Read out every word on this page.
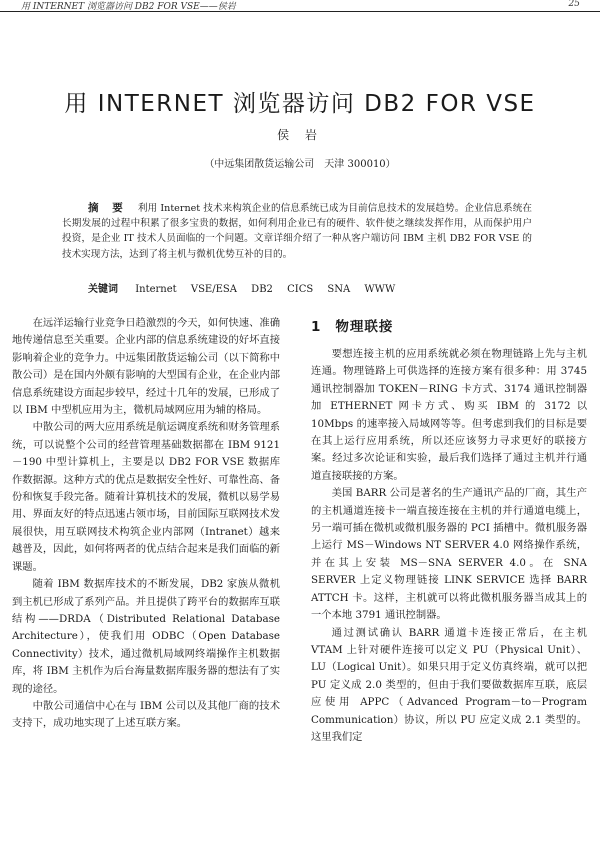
用 INTERNET 浏览器访问 DB2 FOR VSE——侯岩	25
用 INTERNET 浏览器访问 DB2 FOR VSE
侯 岩
（中远集团散货运输公司　天津 300010）
摘 要 利用 Internet 技术来构筑企业的信息系统已成为目前信息技术的发展趋势。企业信息系统在长期发展的过程中积累了很多宝贵的数据，如何利用企业已有的硬件、软件使之继续发挥作用，从而保护用户投资，是企业 IT 技术人员面临的一个问题。文章详细介绍了一种从客户端访问 IBM 主机 DB2 FOR VSE 的技术实现方法，达到了将主机与微机优势互补的目的。
关键词 Internet VSE/ESA DB2 CICS SNA WWW

在远洋运输行业竞争日趋激烈的今天，如何快速、准确地传递信息至关重要。企业内部的信息系统建设的好坏直接影响着企业的竞争力。中远集团散货运输公司（以下简称中散公司）是在国内外颇有影响的大型国有企业，在企业内部信息系统建设方面起步较早，经过十几年的发展，已形成了以 IBM 中型机应用为主，微机局域网应用为辅的格局。

中散公司的两大应用系统是航运调度系统和财务管理系统，可以说整个公司的经营管理基础数据都在 IBM 9121－190 中型计算机上，主要是以 DB2 FOR VSE 数据库作数据源。这种方式的优点是数据安全性好、可靠性高、备份和恢复手段完备。随着计算机技术的发展，微机以易学易用、界面友好的特点迅速占领市场，目前国际互联网技术发展很快，用互联网技术构筑企业内部网（Intranet）越来越普及，因此，如何将两者的优点结合起来是我们面临的新课题。

随着 IBM 数据库技术的不断发展，DB2 家族从微机到主机已形成了系列产品。并且提供了跨平台的数据库互联结构——DRDA（Distributed Relational Database Architecture），使我们用 ODBC（Open Database Connectivity）技术，通过微机局域网终端操作主机数据库，将 IBM 主机作为后台海量数据库服务器的想法有了实现的途径。

中散公司通信中心在与 IBM 公司以及其他厂商的技术支持下，成功地实现了上述互联方案。

1 物理联接

要想连接主机的应用系统就必须在物理链路上先与主机连通。物理链路上可供选择的连接方案有很多种：用 3745 通讯控制器加 TOKEN－RING 卡方式、3174 通讯控制器加 ETHERNET 网卡方式、购买 IBM 的 3172 以 10Mbps 的速率接入局域网等等。但考虑到我们的目标是要在其上运行应用系统，所以还应该努力寻求更好的联接方案。经过多次论证和实验，最后我们选择了通过主机并行通道直接联接的方案。

美国 BARR 公司是著名的生产通讯产品的厂商，其生产的主机通道连接卡一端直接连接在主机的并行通道电缆上，另一端可插在微机或微机服务器的 PCI 插槽中。微机服务器上运行 MS－Windows NT SERVER 4.0 网络操作系统，并在其上安装 MS－SNA SERVER 4.0。在 SNA SERVER 上定义物理链接 LINK SERVICE 选择 BARR ATTCH 卡。这样，主机就可以将此微机服务器当成其上的一个本地 3791 通讯控制器。

通过测试确认 BARR 通道卡连接正常后，在主机 VTAM 上针对硬件连接可以定义 PU（Physical Unit）、LU（Logical Unit）。如果只用于定义仿真终端，就可以把 PU 定义成 2.0 类型的，但由于我们要做数据库互联，底层应使用 APPC（Advanced Program－to－Program Communication）协议，所以 PU 应定义成 2.1 类型的。这里我们定
